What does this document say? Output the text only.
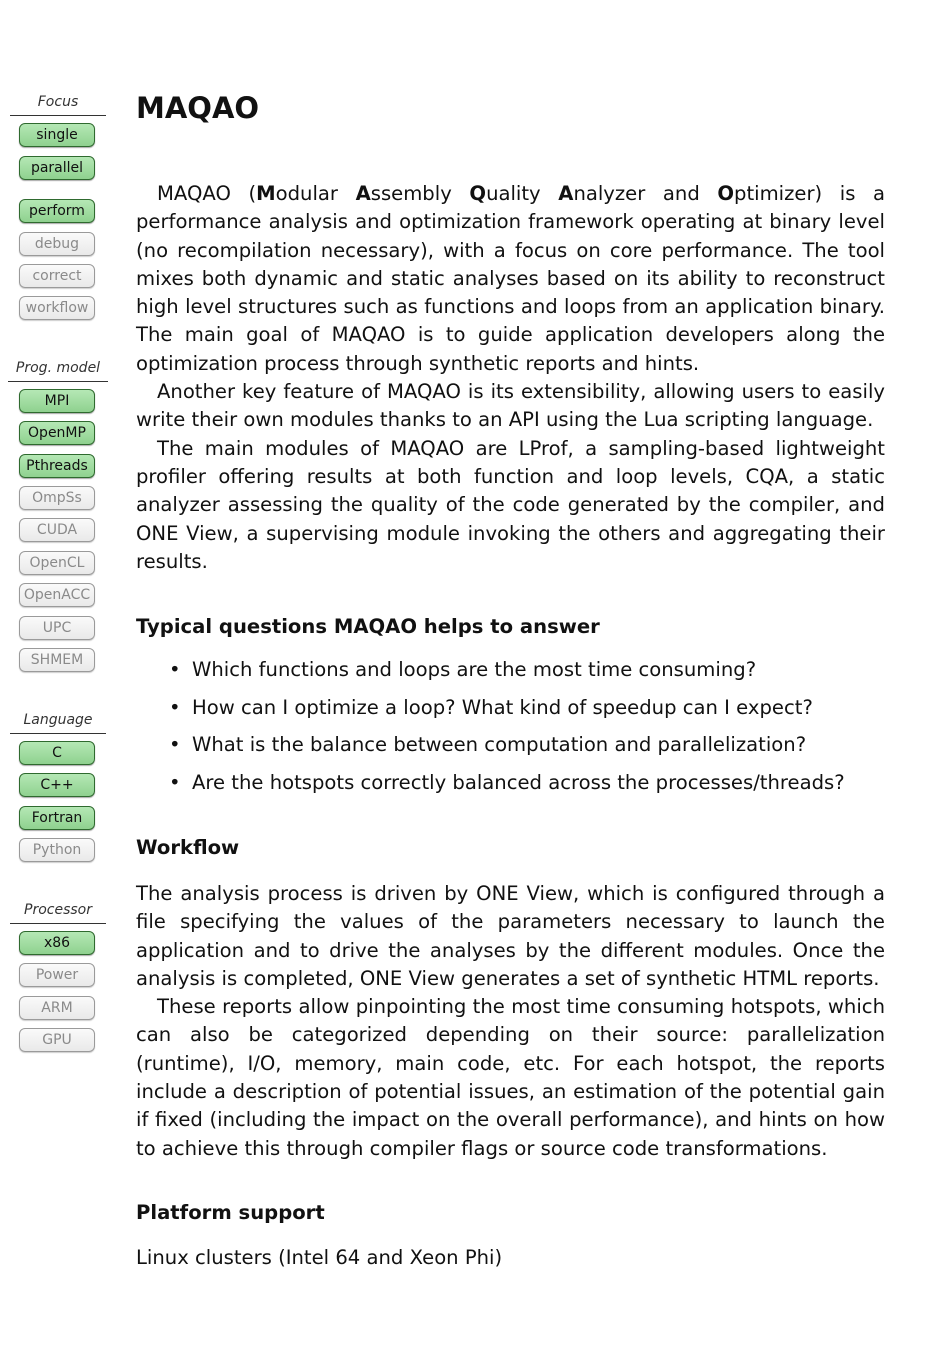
Focus
single
parallel
perform
debug
correct
workflow
Prog. model
MPI
OpenMP
Pthreads
OmpSs
CUDA
OpenCL
OpenACC
UPC
SHMEM
Language
C
C++
Fortran
Python
Processor
x86
Power
ARM
GPU
MAQAO

MAQAO (Modular Assembly Quality Analyzer and Optimizer) is a performance analysis and optimization framework operating at binary level (no recompilation necessary), with a focus on core performance. The tool mixes both dynamic and static analyses based on its ability to reconstruct high level structures such as functions and loops from an application binary. The main goal of MAQAO is to guide application developers along the optimization process through synthetic reports and hints.

Another key feature of MAQAO is its extensibility, allowing users to easily write their own modules thanks to an API using the Lua scripting language.

The main modules of MAQAO are LProf, a sampling-based lightweight profiler offering results at both function and loop levels, CQA, a static analyzer assessing the quality of the code generated by the compiler, and ONE View, a supervising module invoking the others and aggregating their results.

Typical questions MAQAO helps to answer
• Which functions and loops are the most time consuming?
• How can I optimize a loop? What kind of speedup can I expect?
• What is the balance between computation and parallelization?
• Are the hotspots correctly balanced across the processes/threads?
Workflow

The analysis process is driven by ONE View, which is configured through a file specifying the values of the parameters necessary to launch the application and to drive the analyses by the different modules. Once the analysis is completed, ONE View generates a set of synthetic HTML reports.

These reports allow pinpointing the most time consuming hotspots, which can also be categorized depending on their source: parallelization (runtime), I/O, memory, main code, etc. For each hotspot, the reports include a description of potential issues, an estimation of the potential gain if fixed (including the impact on the overall performance), and hints on how to achieve this through compiler flags or source code transformations.

Platform support

Linux clusters (Intel 64 and Xeon Phi)
